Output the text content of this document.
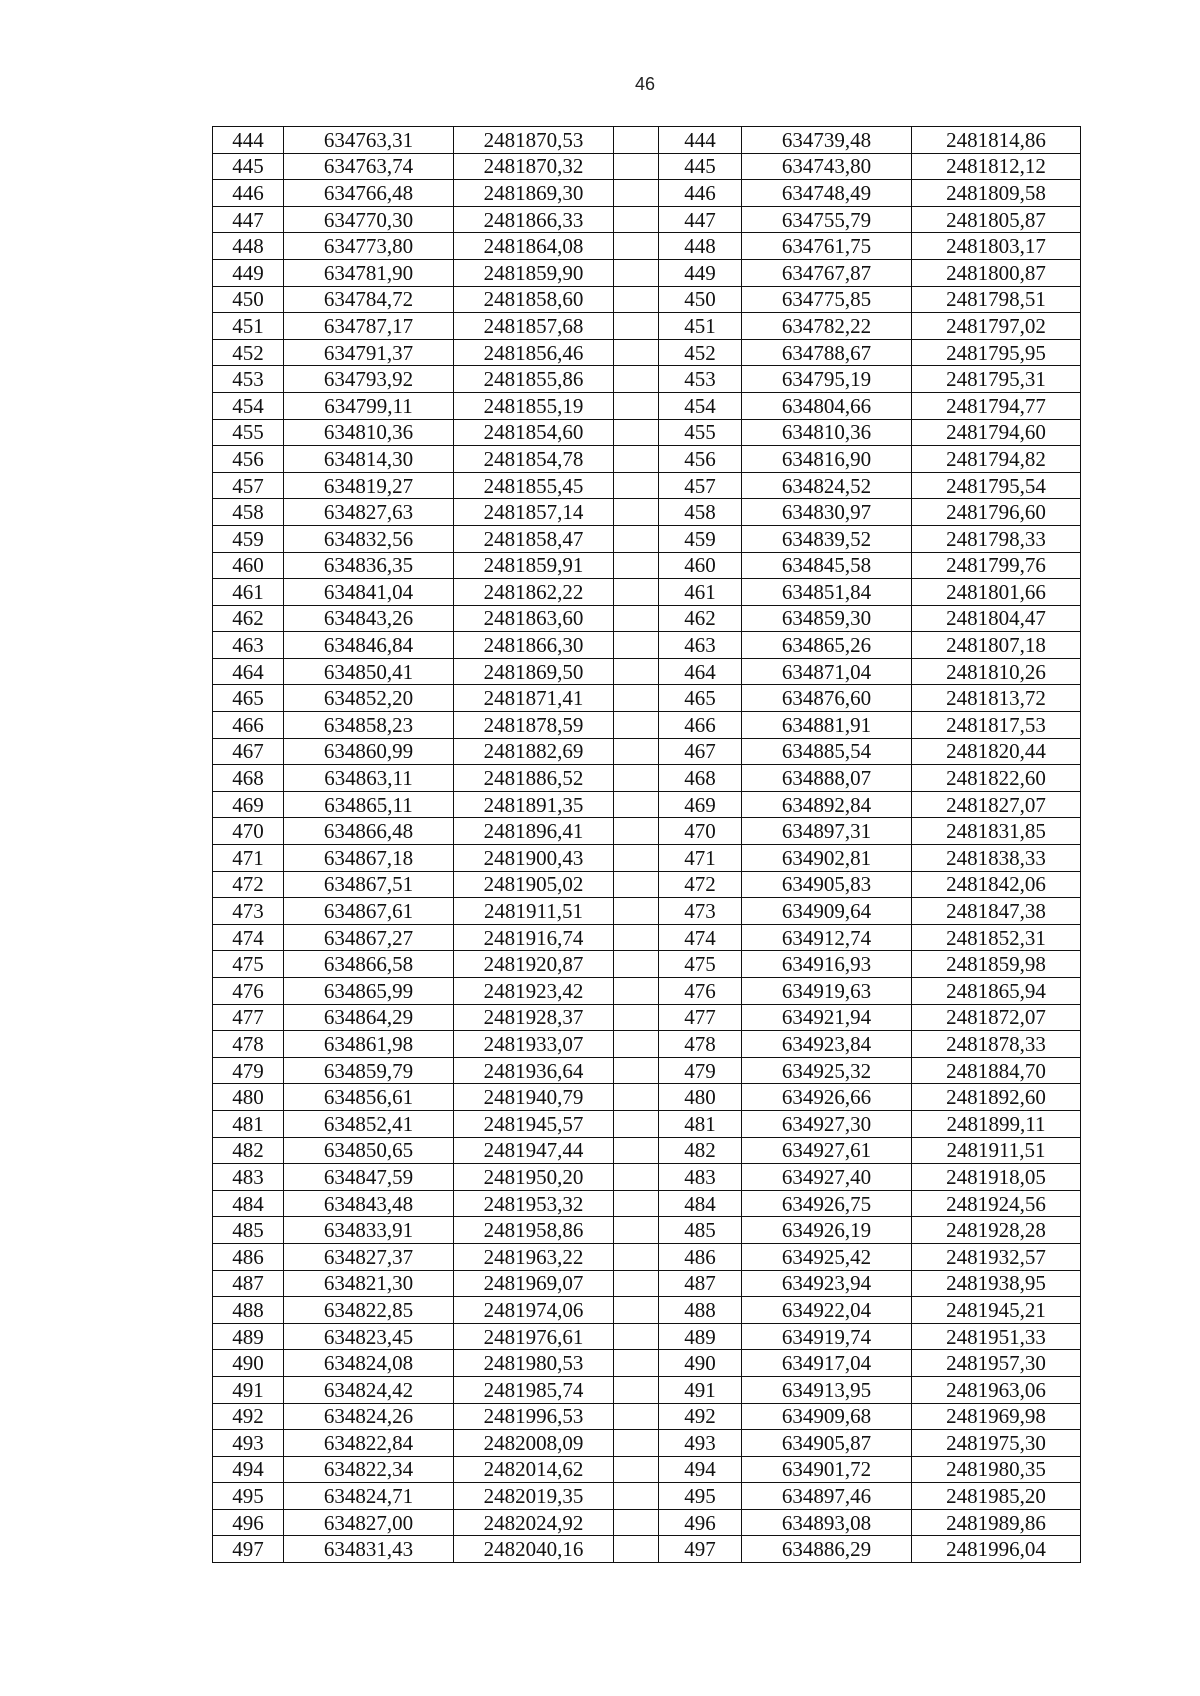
46
444	634763,31	2481870,53		444	634739,48	2481814,86
445	634763,74	2481870,32		445	634743,80	2481812,12
446	634766,48	2481869,30		446	634748,49	2481809,58
447	634770,30	2481866,33		447	634755,79	2481805,87
448	634773,80	2481864,08		448	634761,75	2481803,17
449	634781,90	2481859,90		449	634767,87	2481800,87
450	634784,72	2481858,60		450	634775,85	2481798,51
451	634787,17	2481857,68		451	634782,22	2481797,02
452	634791,37	2481856,46		452	634788,67	2481795,95
453	634793,92	2481855,86		453	634795,19	2481795,31
454	634799,11	2481855,19		454	634804,66	2481794,77
455	634810,36	2481854,60		455	634810,36	2481794,60
456	634814,30	2481854,78		456	634816,90	2481794,82
457	634819,27	2481855,45		457	634824,52	2481795,54
458	634827,63	2481857,14		458	634830,97	2481796,60
459	634832,56	2481858,47		459	634839,52	2481798,33
460	634836,35	2481859,91		460	634845,58	2481799,76
461	634841,04	2481862,22		461	634851,84	2481801,66
462	634843,26	2481863,60		462	634859,30	2481804,47
463	634846,84	2481866,30		463	634865,26	2481807,18
464	634850,41	2481869,50		464	634871,04	2481810,26
465	634852,20	2481871,41		465	634876,60	2481813,72
466	634858,23	2481878,59		466	634881,91	2481817,53
467	634860,99	2481882,69		467	634885,54	2481820,44
468	634863,11	2481886,52		468	634888,07	2481822,60
469	634865,11	2481891,35		469	634892,84	2481827,07
470	634866,48	2481896,41		470	634897,31	2481831,85
471	634867,18	2481900,43		471	634902,81	2481838,33
472	634867,51	2481905,02		472	634905,83	2481842,06
473	634867,61	2481911,51		473	634909,64	2481847,38
474	634867,27	2481916,74		474	634912,74	2481852,31
475	634866,58	2481920,87		475	634916,93	2481859,98
476	634865,99	2481923,42		476	634919,63	2481865,94
477	634864,29	2481928,37		477	634921,94	2481872,07
478	634861,98	2481933,07		478	634923,84	2481878,33
479	634859,79	2481936,64		479	634925,32	2481884,70
480	634856,61	2481940,79		480	634926,66	2481892,60
481	634852,41	2481945,57		481	634927,30	2481899,11
482	634850,65	2481947,44		482	634927,61	2481911,51
483	634847,59	2481950,20		483	634927,40	2481918,05
484	634843,48	2481953,32		484	634926,75	2481924,56
485	634833,91	2481958,86		485	634926,19	2481928,28
486	634827,37	2481963,22		486	634925,42	2481932,57
487	634821,30	2481969,07		487	634923,94	2481938,95
488	634822,85	2481974,06		488	634922,04	2481945,21
489	634823,45	2481976,61		489	634919,74	2481951,33
490	634824,08	2481980,53		490	634917,04	2481957,30
491	634824,42	2481985,74		491	634913,95	2481963,06
492	634824,26	2481996,53		492	634909,68	2481969,98
493	634822,84	2482008,09		493	634905,87	2481975,30
494	634822,34	2482014,62		494	634901,72	2481980,35
495	634824,71	2482019,35		495	634897,46	2481985,20
496	634827,00	2482024,92		496	634893,08	2481989,86
497	634831,43	2482040,16		497	634886,29	2481996,04
